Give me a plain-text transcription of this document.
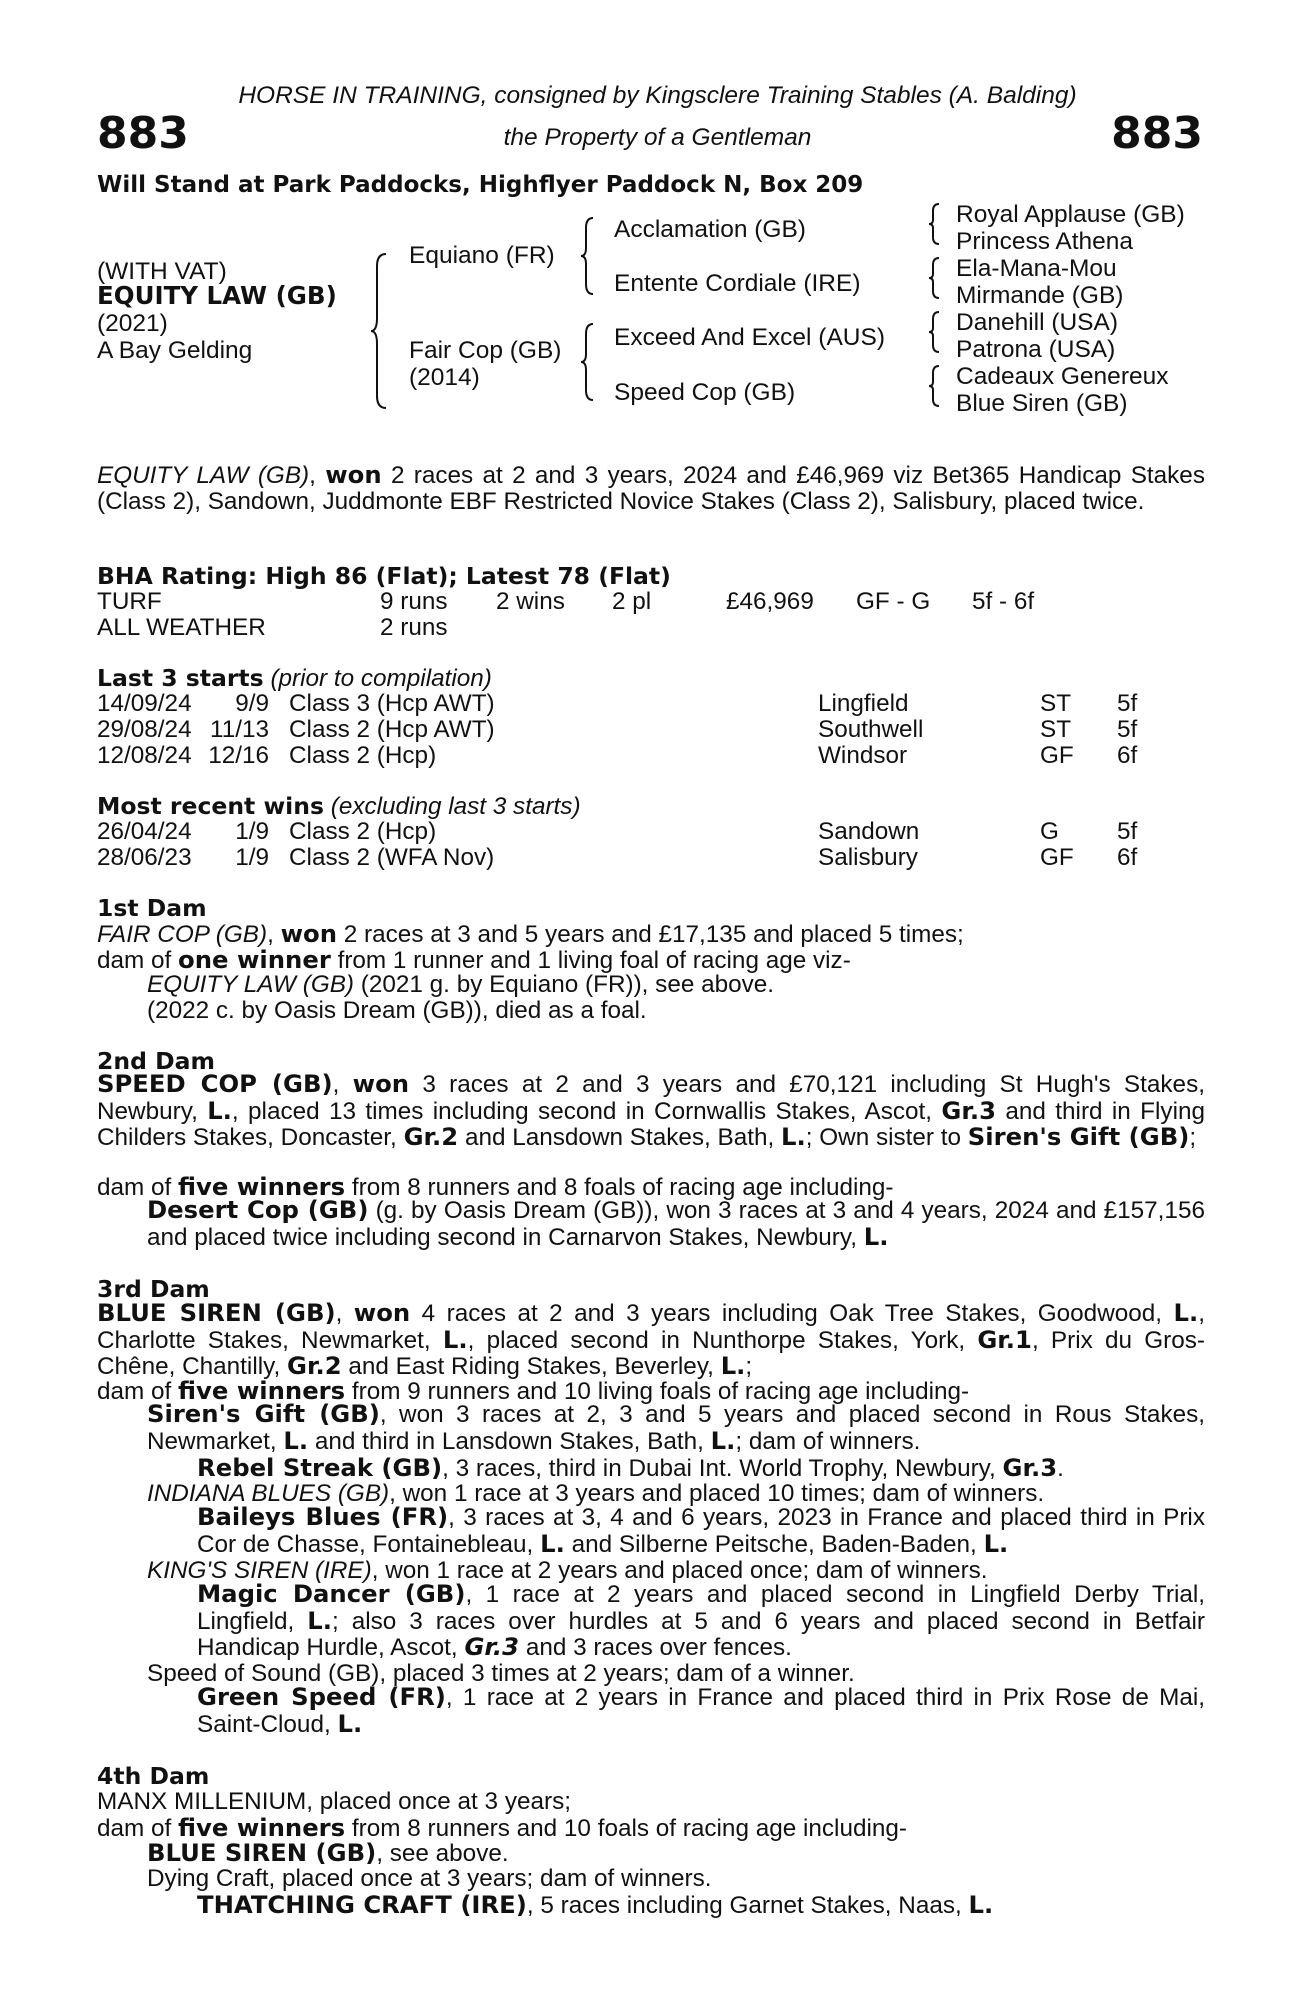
HORSE IN TRAINING, consigned by Kingsclere Training Stables (A. Balding)
883	the Property of a Gentleman	883
Will Stand at Park Paddocks, Highflyer Paddock N, Box 209
(WITH VAT)
EQUITY LAW (GB)
(2021)
A Bay Gelding
Equiano (FR)
Fair Cop (GB)
(2014)
Acclamation (GB)
Entente Cordiale (IRE)
Exceed And Excel (AUS)
Speed Cop (GB)
Royal Applause (GB)
Princess Athena
Ela-Mana-Mou
Mirmande (GB)
Danehill (USA)
Patrona (USA)
Cadeaux Genereux
Blue Siren (GB)
EQUITY LAW (GB), won 2 races at 2 and 3 years, 2024 and £46,969 viz Bet365 Handicap Stakes (Class 2), Sandown, Juddmonte EBF Restricted Novice Stakes (Class 2), Salisbury, placed twice.
BHA Rating: High 86 (Flat); Latest 78 (Flat)
TURF	9 runs 2 wins 2 pl	£46,969 GF - G 5f - 6f
ALL WEATHER	2 runs
Last 3 starts (prior to compilation)
14/09/24	9/9 Class 3 (Hcp AWT)	Lingfield	ST 5f
29/08/24 11/13 Class 2 (Hcp AWT)	Southwell	ST 5f
12/08/24 12/16 Class 2 (Hcp)	Windsor	GF 6f
Most recent wins (excluding last 3 starts)
26/04/24	1/9 Class 2 (Hcp)	Sandown	G 5f
28/06/23	1/9 Class 2 (WFA Nov)	Salisbury	GF 6f
1st Dam
FAIR COP (GB), won 2 races at 3 and 5 years and £17,135 and placed 5 times;
dam of one winner from 1 runner and 1 living foal of racing age viz-
EQUITY LAW (GB) (2021 g. by Equiano (FR)), see above.
(2022 c. by Oasis Dream (GB)), died as a foal.
2nd Dam
SPEED COP (GB), won 3 races at 2 and 3 years and £70,121 including St Hugh's Stakes, Newbury, L., placed 13 times including second in Cornwallis Stakes, Ascot, Gr.3 and third in Flying Childers Stakes, Doncaster, Gr.2 and Lansdown Stakes, Bath, L.; Own sister to Siren's Gift (GB);
dam of five winners from 8 runners and 8 foals of racing age including-
Desert Cop (GB) (g. by Oasis Dream (GB)), won 3 races at 3 and 4 years, 2024 and £157,156 and placed twice including second in Carnarvon Stakes, Newbury, L.
3rd Dam
BLUE SIREN (GB), won 4 races at 2 and 3 years including Oak Tree Stakes, Goodwood, L., Charlotte Stakes, Newmarket, L., placed second in Nunthorpe Stakes, York, Gr.1, Prix du Gros-Chêne, Chantilly, Gr.2 and East Riding Stakes, Beverley, L.;
dam of five winners from 9 runners and 10 living foals of racing age including-
Siren's Gift (GB), won 3 races at 2, 3 and 5 years and placed second in Rous Stakes, Newmarket, L. and third in Lansdown Stakes, Bath, L.; dam of winners.
Rebel Streak (GB), 3 races, third in Dubai Int. World Trophy, Newbury, Gr.3.
INDIANA BLUES (GB), won 1 race at 3 years and placed 10 times; dam of winners.
Baileys Blues (FR), 3 races at 3, 4 and 6 years, 2023 in France and placed third in Prix Cor de Chasse, Fontainebleau, L. and Silberne Peitsche, Baden-Baden, L.
KING'S SIREN (IRE), won 1 race at 2 years and placed once; dam of winners.
Magic Dancer (GB), 1 race at 2 years and placed second in Lingfield Derby Trial, Lingfield, L.; also 3 races over hurdles at 5 and 6 years and placed second in Betfair Handicap Hurdle, Ascot, Gr.3 and 3 races over fences.
Speed of Sound (GB), placed 3 times at 2 years; dam of a winner.
Green Speed (FR), 1 race at 2 years in France and placed third in Prix Rose de Mai, Saint-Cloud, L.
4th Dam
MANX MILLENIUM, placed once at 3 years;
dam of five winners from 8 runners and 10 foals of racing age including-
BLUE SIREN (GB), see above.
Dying Craft, placed once at 3 years; dam of winners.
THATCHING CRAFT (IRE), 5 races including Garnet Stakes, Naas, L.
